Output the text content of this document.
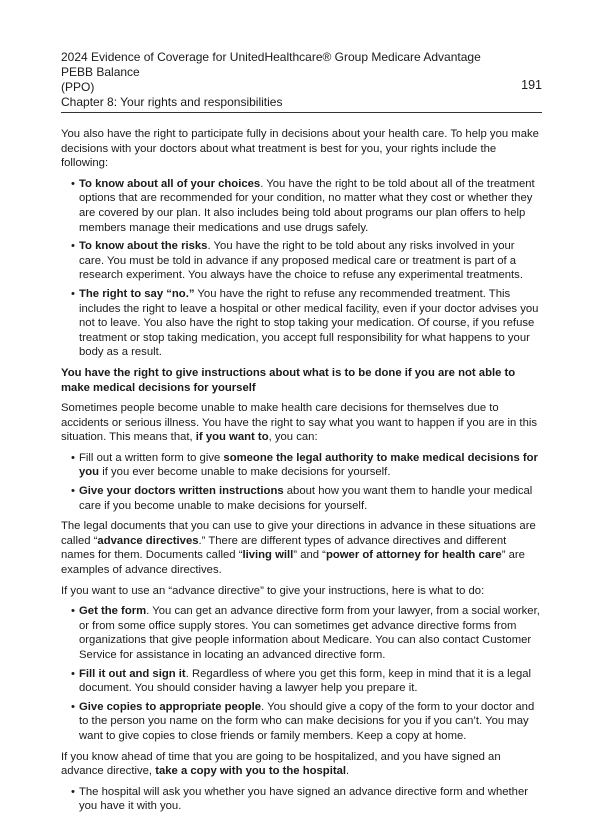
2024 Evidence of Coverage for UnitedHealthcare® Group Medicare Advantage PEBB Balance
(PPO)
Chapter 8: Your rights and responsibilities
191

You also have the right to participate fully in decisions about your health care. To help you make decisions with your doctors about what treatment is best for you, your rights include the following:

• To know about all of your choices. You have the right to be told about all of the treatment options that are recommended for your condition, no matter what they cost or whether they are covered by our plan. It also includes being told about programs our plan offers to help members manage their medications and use drugs safely.
• To know about the risks. You have the right to be told about any risks involved in your care. You must be told in advance if any proposed medical care or treatment is part of a research experiment. You always have the choice to refuse any experimental treatments.
• The right to say “no.” You have the right to refuse any recommended treatment. This includes the right to leave a hospital or other medical facility, even if your doctor advises you not to leave. You also have the right to stop taking your medication. Of course, if you refuse treatment or stop taking medication, you accept full responsibility for what happens to your body as a result.

You have the right to give instructions about what is to be done if you are not able to make medical decisions for yourself

Sometimes people become unable to make health care decisions for themselves due to accidents or serious illness. You have the right to say what you want to happen if you are in this situation. This means that, if you want to, you can:

• Fill out a written form to give someone the legal authority to make medical decisions for you if you ever become unable to make decisions for yourself.
• Give your doctors written instructions about how you want them to handle your medical care if you become unable to make decisions for yourself.

The legal documents that you can use to give your directions in advance in these situations are called “advance directives.” There are different types of advance directives and different names for them. Documents called “living will” and “power of attorney for health care” are examples of advance directives.

If you want to use an “advance directive” to give your instructions, here is what to do:

• Get the form. You can get an advance directive form from your lawyer, from a social worker, or from some office supply stores. You can sometimes get advance directive forms from organizations that give people information about Medicare. You can also contact Customer Service for assistance in locating an advanced directive form.
• Fill it out and sign it. Regardless of where you get this form, keep in mind that it is a legal document. You should consider having a lawyer help you prepare it.
• Give copies to appropriate people. You should give a copy of the form to your doctor and to the person you name on the form who can make decisions for you if you can’t. You may want to give copies to close friends or family members. Keep a copy at home.

If you know ahead of time that you are going to be hospitalized, and you have signed an advance directive, take a copy with you to the hospital.

• The hospital will ask you whether you have signed an advance directive form and whether you have it with you.
